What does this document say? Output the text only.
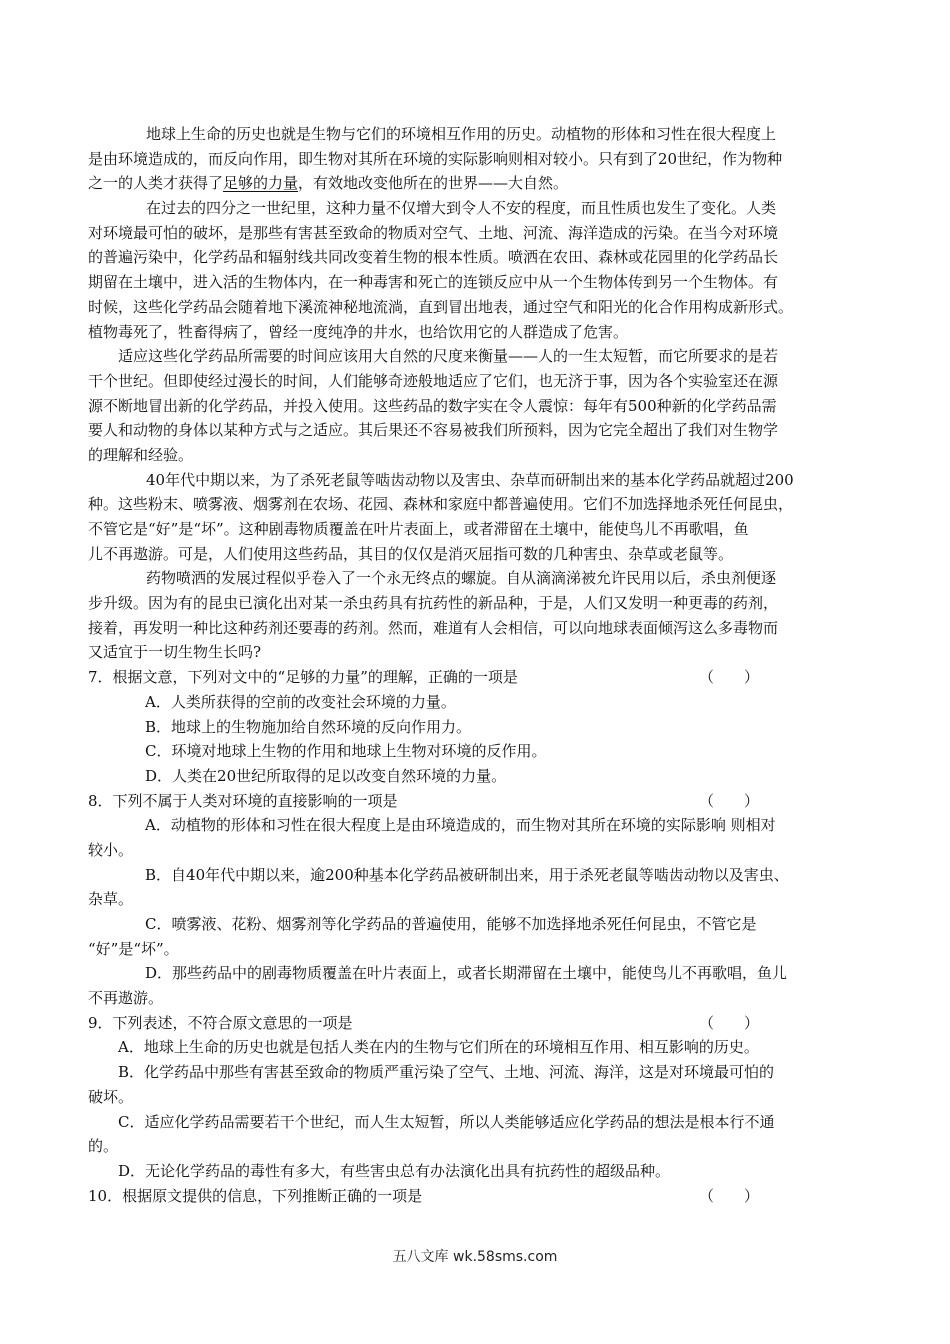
地球上生命的历史也就是生物与它们的环境相互作用的历史。动植物的形体和习性在很大程度上
是由环境造成的，而反向作用，即生物对其所在环境的实际影响则相对较小。只有到了20世纪，作为物种
之一的人类才获得了足够的力量，有效地改变他所在的世界——大自然。
在过去的四分之一世纪里，这种力量不仅增大到令人不安的程度，而且性质也发生了变化。人类
对环境最可怕的破坏，是那些有害甚至致命的物质对空气、土地、河流、海洋造成的污染。在当今对环境
的普遍污染中，化学药品和辐射线共同改变着生物的根本性质。喷洒在农田、森林或花园里的化学药品长
期留在土壤中，进入活的生物体内，在一种毒害和死亡的连锁反应中从一个生物体传到另一个生物体。有
时候，这些化学药品会随着地下溪流神秘地流淌，直到冒出地表，通过空气和阳光的化合作用构成新形式。
植物毒死了，牲畜得病了，曾经一度纯净的井水，也给饮用它的人群造成了危害。
适应这些化学药品所需要的时间应该用大自然的尺度来衡量——人的一生太短暂，而它所要求的是若
干个世纪。但即使经过漫长的时间，人们能够奇迹般地适应了它们，也无济于事，因为各个实验室还在源
源不断地冒出新的化学药品，并投入使用。这些药品的数字实在令人震惊：每年有500种新的化学药品需
要人和动物的身体以某种方式与之适应。其后果还不容易被我们所预料，因为它完全超出了我们对生物学
的理解和经验。
40年代中期以来，为了杀死老鼠等啮齿动物以及害虫、杂草而研制出来的基本化学药品就超过200
种。这些粉末、喷雾液、烟雾剂在农场、花园、森林和家庭中都普遍使用。它们不加选择地杀死任何昆虫，
不管它是“好”是“坏”。这种剧毒物质覆盖在叶片表面上，或者滞留在土壤中，能使鸟儿不再歌唱，鱼
儿不再遨游。可是，人们使用这些药品，其目的仅仅是消灭屈指可数的几种害虫、杂草或老鼠等。
药物喷洒的发展过程似乎卷入了一个永无终点的螺旋。自从滴滴涕被允许民用以后，杀虫剂便逐
步升级。因为有的昆虫已演化出对某一杀虫药具有抗药性的新品种，于是，人们又发明一种更毒的药剂，
接着，再发明一种比这种药剂还要毒的药剂。然而，难道有人会相信，可以向地球表面倾泻这么多毒物而
又适宜于一切生物生长吗?
7．根据文意，下列对文中的“足够的力量”的理解，正确的一项是	（　　）
A．人类所获得的空前的改变社会环境的力量。
B．地球上的生物施加给自然环境的反向作用力。
C．环境对地球上生物的作用和地球上生物对环境的反作用。
D．人类在20世纪所取得的足以改变自然环境的力量。
8．下列不属于人类对环境的直接影响的一项是	（　　）
A．动植物的形体和习性在很大程度上是由环境造成的，而生物对其所在环境的实际影响 则相对
较小。
B．自40年代中期以来，逾200种基本化学药品被研制出来，用于杀死老鼠等啮齿动物以及害虫、
杂草。
C．喷雾液、花粉、烟雾剂等化学药品的普遍使用，能够不加选择地杀死任何昆虫，不管它是
“好”是“坏”。
D．那些药品中的剧毒物质覆盖在叶片表面上，或者长期滞留在土壤中，能使鸟儿不再歌唱，鱼儿
不再遨游。
9．下列表述，不符合原文意思的一项是	（　　）
A．地球上生命的历史也就是包括人类在内的生物与它们所在的环境相互作用、相互影响的历史。
B．化学药品中那些有害甚至致命的物质严重污染了空气、土地、河流、海洋，这是对环境最可怕的
破坏。
C．适应化学药品需要若干个世纪，而人生太短暂，所以人类能够适应化学药品的想法是根本行不通
的。
D．无论化学药品的毒性有多大，有些害虫总有办法演化出具有抗药性的超级品种。
10．根据原文提供的信息，下列推断正确的一项是	（　　）
五八文库 wk.58sms.com
